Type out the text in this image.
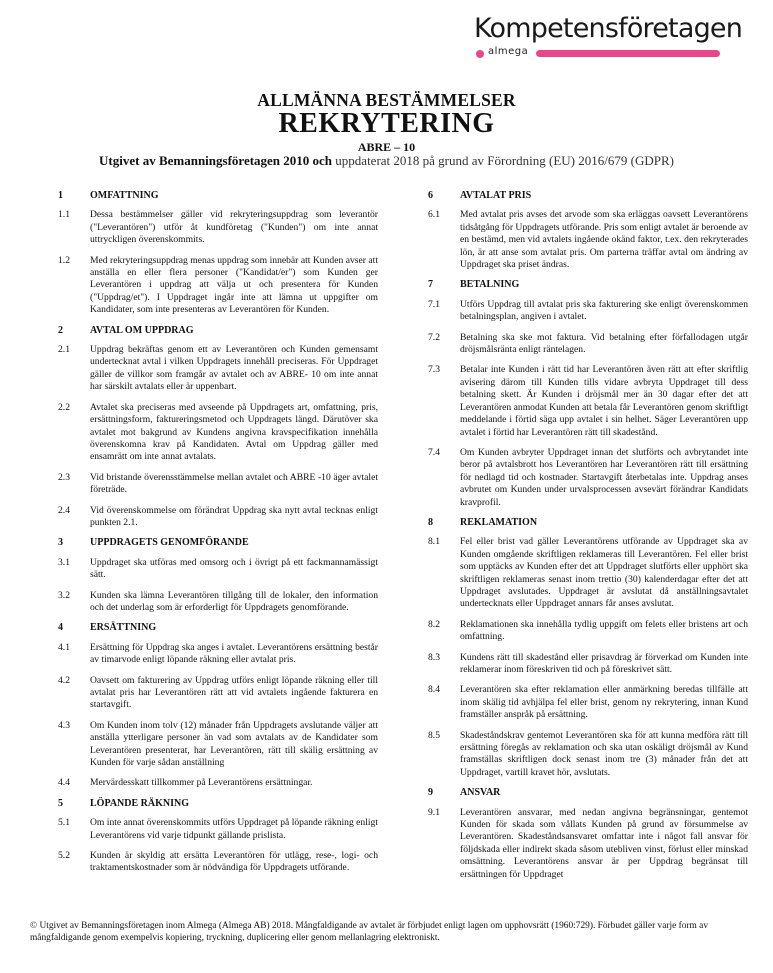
Kompetensföretagen
almega
ALLMÄNNA BESTÄMMELSER
REKRYTERING
ABRE – 10
Utgivet av Bemanningsföretagen 2010 och uppdaterat 2018 på grund av Förordning (EU) 2016/679 (GDPR)
1	OMFATTNING
1.1	Dessa bestämmelser gäller vid rekryteringsuppdrag som leverantör ("Leverantören") utför åt kundföretag ("Kunden") om inte annat uttryckligen överenskommits.
1.2	Med rekryteringsuppdrag menas uppdrag som innebär att Kunden avser att anställa en eller flera personer ("Kandidat/er") som Kunden ger Leverantören i uppdrag att välja ut och presentera för Kunden ("Uppdrag/et"). I Uppdraget ingår inte att lämna ut uppgifter om Kandidater, som inte presenteras av Leverantören för Kunden.
2	AVTAL OM UPPDRAG
2.1	Uppdrag bekräftas genom ett av Leverantören och Kunden gemensamt undertecknat avtal i vilken Uppdragets innehåll preciseras. För Uppdraget gäller de villkor som framgår av avtalet och av ABRE- 10 om inte annat har särskilt avtalats eller är uppenbart.
2.2	Avtalet ska preciseras med avseende på Uppdragets art, omfattning, pris, ersättningsform, faktureringsmetod och Uppdragets längd. Därutöver ska avtalet mot bakgrund av Kundens angivna kravspecifikation innehålla överenskomna krav på Kandidaten. Avtal om Uppdrag gäller med ensamrätt om inte annat avtalats.
2.3	Vid bristande överensstämmelse mellan avtalet och ABRE -10 äger avtalet företräde.
2.4	Vid överenskommelse om förändrat Uppdrag ska nytt avtal tecknas enligt punkten 2.1.
3	UPPDRAGETS GENOMFÖRANDE
3.1	Uppdraget ska utföras med omsorg och i övrigt på ett fackmannamässigt sätt.
3.2	Kunden ska lämna Leverantören tillgång till de lokaler, den information och det underlag som är erforderligt för Uppdragets genomförande.
4	ERSÄTTNING
4.1	Ersättning för Uppdrag ska anges i avtalet. Leverantörens ersättning består av timarvode enligt löpande räkning eller avtalat pris.
4.2	Oavsett om fakturering av Uppdrag utförs enligt löpande räkning eller till avtalat pris har Leverantören rätt att vid avtalets ingående fakturera en startavgift.
4.3	Om Kunden inom tolv (12) månader från Uppdragets avslutande väljer att anställa ytterligare personer än vad som avtalats av de Kandidater som Leverantören presenterat, har Leverantören, rätt till skälig ersättning av Kunden för varje sådan anställning
4.4	Mervärdesskatt tillkommer på Leverantörens ersättningar.
5	LÖPANDE RÄKNING
5.1	Om inte annat överenskommits utförs Uppdraget på löpande räkning enligt Leverantörens vid varje tidpunkt gällande prislista.
5.2	Kunden är skyldig att ersätta Leverantören för utlägg, rese-, logi- och traktamentskostnader som är nödvändiga för Uppdragets utförande.
6	AVTALAT PRIS
6.1	Med avtalat pris avses det arvode som ska erläggas oavsett Leverantörens tidsåtgång för Uppdragets utförande. Pris som enligt avtalet är beroende av en bestämd, men vid avtalets ingående okänd faktor, t.ex. den rekryterades lön, är att anse som avtalat pris. Om parterna träffar avtal om ändring av Uppdraget ska priset ändras.
7	BETALNING
7.1	Utförs Uppdrag till avtalat pris ska fakturering ske enligt överenskommen betalningsplan, angiven i avtalet.
7.2	Betalning ska ske mot faktura. Vid betalning efter förfallodagen utgår dröjsmålsränta enligt räntelagen.
7.3	Betalar inte Kunden i rätt tid har Leverantören även rätt att efter skriftlig avisering därom till Kunden tills vidare avbryta Uppdraget till dess betalning skett. Är Kunden i dröjsmål mer än 30 dagar efter det att Leverantören anmodat Kunden att betala får Leverantören genom skriftligt meddelande i förtid säga upp avtalet i sin helhet. Säger Leverantören upp avtalet i förtid har Leverantören rätt till skadestånd.
7.4	Om Kunden avbryter Uppdraget innan det slutförts och avbrytandet inte beror på avtalsbrott hos Leverantören har Leverantören rätt till ersättning för nedlagd tid och kostnader. Startavgift återbetalas inte. Uppdrag anses avbrutet om Kunden under urvalsprocessen avsevärt förändrar Kandidats kravprofil.
8	REKLAMATION
8.1	Fel eller brist vad gäller Leverantörens utförande av Uppdraget ska av Kunden omgående skriftligen reklameras till Leverantören. Fel eller brist som upptäcks av Kunden efter det att Uppdraget slutförts eller upphört ska skriftligen reklameras senast inom trettio (30) kalenderdagar efter det att Uppdraget avslutades. Uppdraget är avslutat då anställningsavtalet undertecknats eller Uppdraget annars får anses avslutat.
8.2	Reklamationen ska innehålla tydlig uppgift om felets eller bristens art och omfattning.
8.3	Kundens rätt till skadestånd eller prisavdrag är förverkad om Kunden inte reklamerar inom föreskriven tid och på föreskrivet sätt.
8.4	Leverantören ska efter reklamation eller anmärkning beredas tillfälle att inom skälig tid avhjälpa fel eller brist, genom ny rekrytering, innan Kund framställer anspråk på ersättning.
8.5	Skadeståndskrav gentemot Leverantören ska för att kunna medföra rätt till ersättning föregås av reklamation och ska utan oskäligt dröjsmål av Kund framställas skriftligen dock senast inom tre (3) månader från det att Uppdraget, vartill kravet hör, avslutats.
9	ANSVAR
9.1	Leverantören ansvarar, med nedan angivna begränsningar, gentemot Kunden för skada som vållats Kunden på grund av försummelse av Leverantören. Skadeståndsansvaret omfattar inte i något fall ansvar för följdskada eller indirekt skada såsom utebliven vinst, förlust eller minskad omsättning. Leverantörens ansvar är per Uppdrag begränsat till ersättningen för Uppdraget
© Utgivet av Bemanningsföretagen inom Almega (Almega AB) 2018. Mångfaldigande av avtalet är förbjudet enligt lagen om upphovsrätt (1960:729). Förbudet gäller varje form av mångfaldigande genom exempelvis kopiering, tryckning, duplicering eller genom mellanlagring elektroniskt.
